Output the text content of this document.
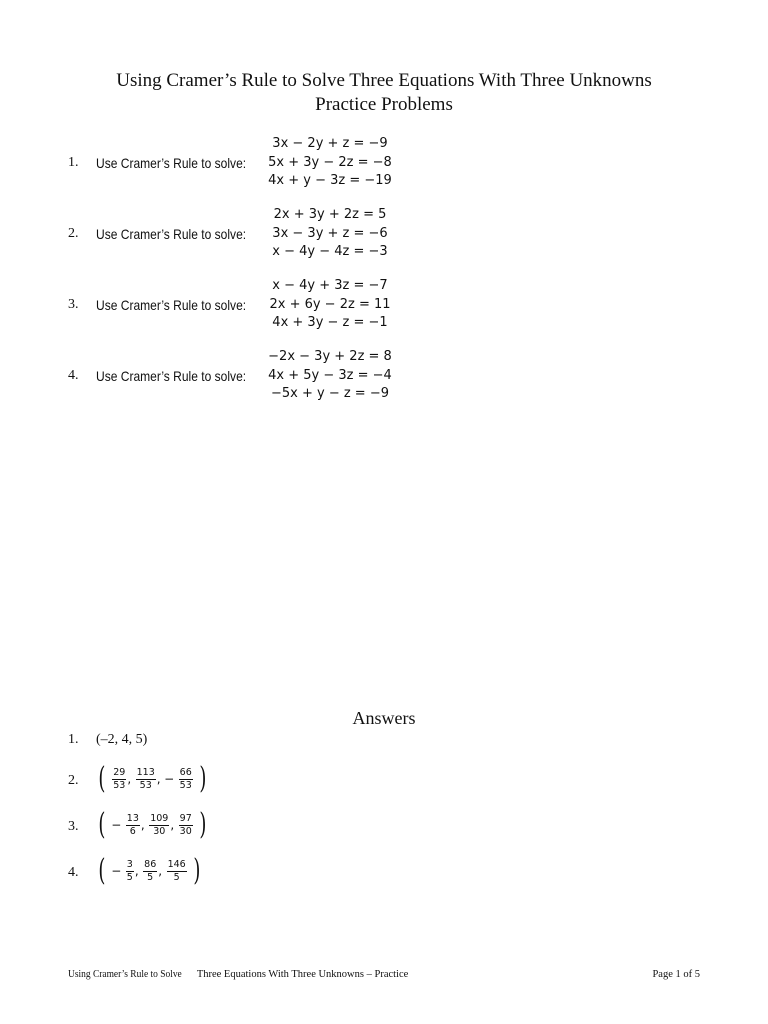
Using Cramer’s Rule to Solve Three Equations With Three Unknowns
Practice Problems
1. Use Cramer’s Rule to solve:
3x − 2y + z = −9
5x + 3y − 2z = −8
4x + y − 3z = −19
2. Use Cramer’s Rule to solve:
2x + 3y + 2z = 5
3x − 3y + z = −6
x − 4y − 4z = −3
3. Use Cramer’s Rule to solve:
x − 4y + 3z = −7
2x + 6y − 2z = 11
4x + 3y − z = −1
4. Use Cramer’s Rule to solve:
−2x − 3y + 2z = 8
4x + 5y − 3z = −4
−5x + y − z = −9
Answers
1. (–2, 4, 5)
2. ( $\frac{29}{53}$ , $\frac{113}{53}$ , − $\frac{66}{53}$ )
3. ( − $\frac{13}{6}$ , $\frac{109}{30}$ , $\frac{97}{30}$ )
4. ( − $\frac{3}{5}$ , $\frac{86}{5}$ , $\frac{146}{5}$ )
Using Cramer’s Rule to Solve Three Equations With Three Unknowns – Practice	Page 1 of 5
